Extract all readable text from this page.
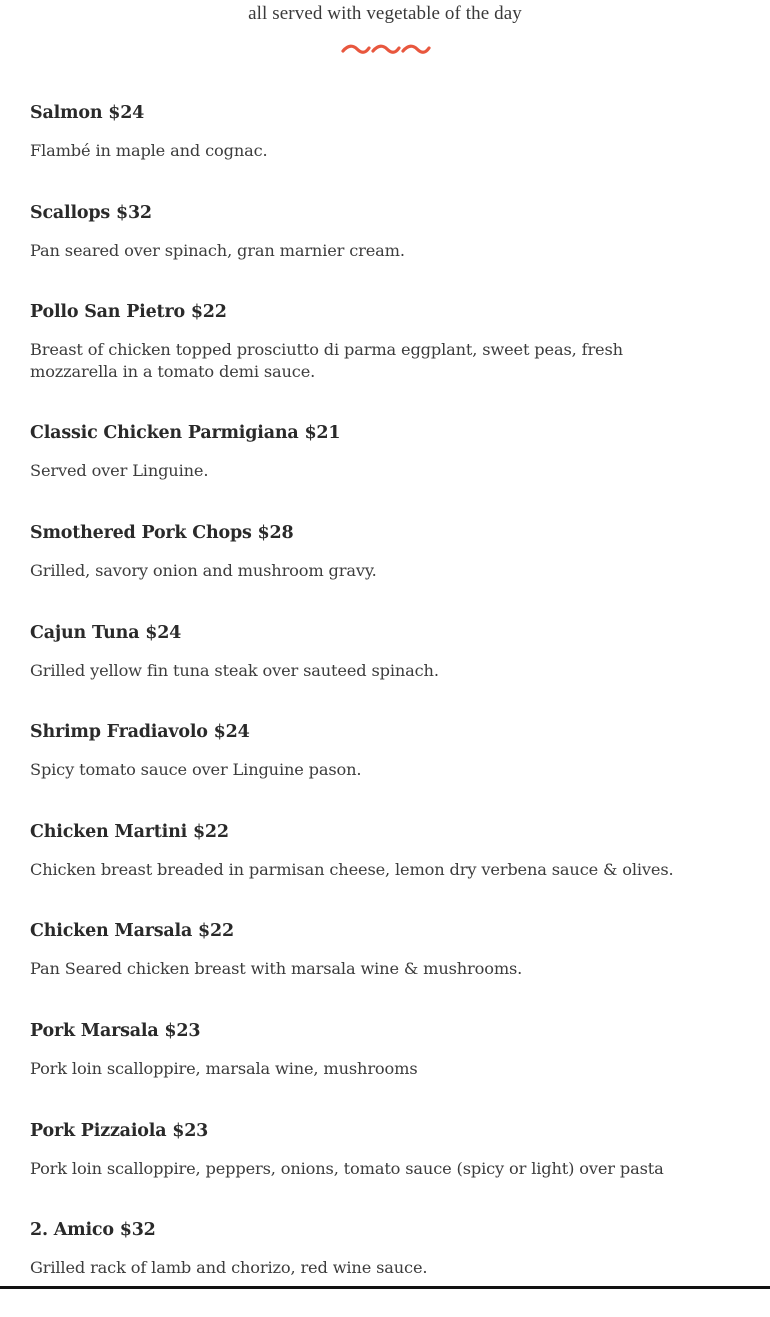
all served with vegetable of the day
Salmon $24
Flambé in maple and cognac.
Scallops $32
Pan seared over spinach, gran marnier cream.
Pollo San Pietro $22
Breast of chicken topped prosciutto di parma eggplant, sweet peas, fresh mozzarella in a tomato demi sauce.
Classic Chicken Parmigiana $21
Served over Linguine.
Smothered Pork Chops $28
Grilled, savory onion and mushroom gravy.
Cajun Tuna $24
Grilled yellow fin tuna steak over sauteed spinach.
Shrimp Fradiavolo $24
Spicy tomato sauce over Linguine pason.
Chicken Martini $22
Chicken breast breaded in parmisan cheese, lemon dry verbena sauce & olives.
Chicken Marsala $22
Pan Seared chicken breast with marsala wine & mushrooms.
Pork Marsala $23
Pork loin scalloppire, marsala wine, mushrooms
Pork Pizzaiola $23
Pork loin scalloppire, peppers, onions, tomato sauce (spicy or light) over pasta
2. Amico $32
Grilled rack of lamb and chorizo, red wine sauce.
